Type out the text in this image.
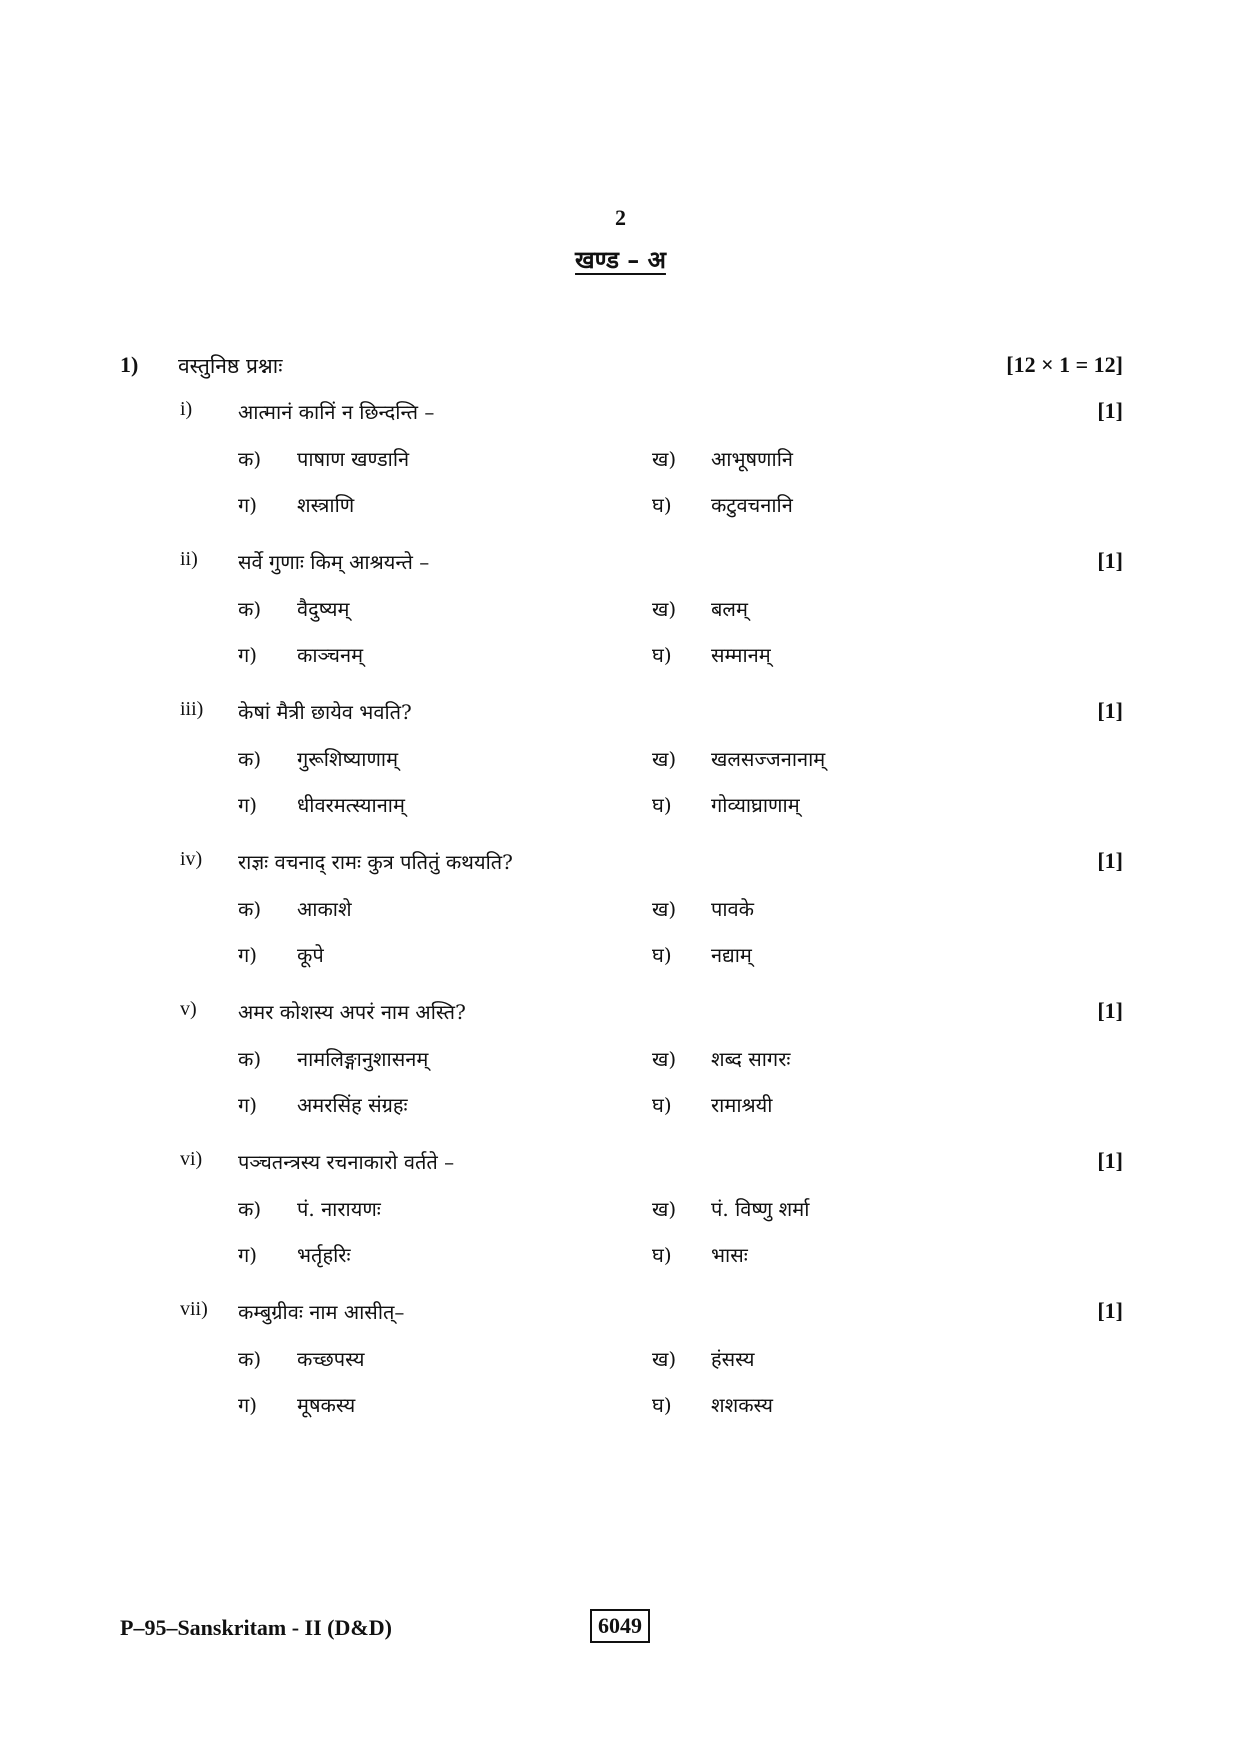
2
खण्ड – अ
1) वस्तुनिष्ठ प्रश्नाः	[12 × 1 = 12]
i) आत्मानं कानिं न छिन्दन्ति –	[1]
क) पाषाण खण्डानि	ख) आभूषणानि
ग) शस्त्राणि	घ) कटुवचनानि
ii) सर्वे गुणाः किम् आश्रयन्ते –	[1]
क) वैदुष्यम्	ख) बलम्
ग) काञ्चनम्	घ) सम्मानम्
iii) केषां मैत्री छायेव भवति?	[1]
क) गुरूशिष्याणाम्	ख) खलसज्जनानाम्
ग) धीवरमत्स्यानाम्	घ) गोव्याघ्राणाम्
iv) राज्ञः वचनाद् रामः कुत्र पतितुं कथयति?	[1]
क) आकाशे	ख) पावके
ग) कूपे	घ) नद्याम्
v) अमर कोशस्य अपरं नाम अस्ति?	[1]
क) नामलिङ्गानुशासनम्	ख) शब्द सागरः
ग) अमरसिंह संग्रहः	घ) रामाश्रयी
vi) पञ्चतन्त्रस्य रचनाकारो वर्तते –	[1]
क) पं. नारायणः	ख) पं. विष्णु शर्मा
ग) भर्तृहरिः	घ) भासः
vii) कम्बुग्रीवः नाम आसीत्–	[1]
क) कच्छपस्य	ख) हंसस्य
ग) मूषकस्य	घ) शशकस्य
P–95–Sanskritam - II (D&D)	6049
